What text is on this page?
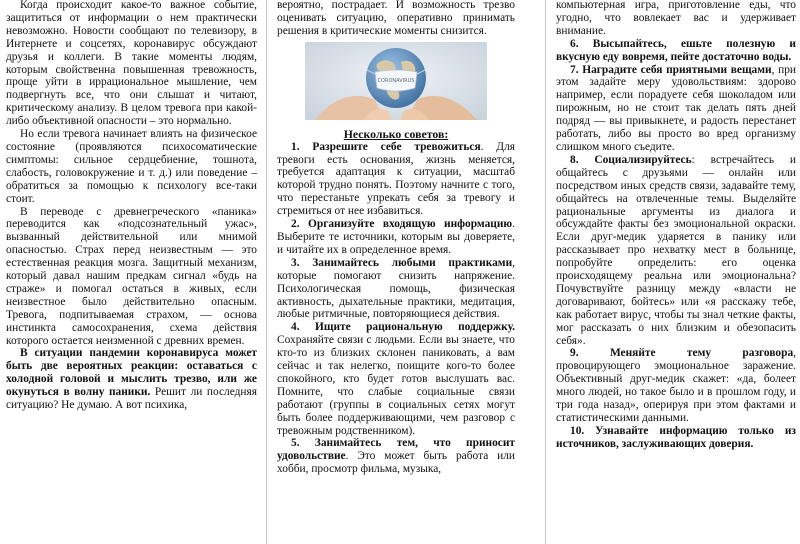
Когда происходит какое-то важное событие, защититься от информации о нем практически невозможно. Новости сообщают по телевизору, в Интернете и соцсетях, коронавирус обсуждают друзья и коллеги. В такие моменты людям, которым свойственна повышенная тревожность, проще уйти в иррациональное мышление, чем подвергнуть все, что они слышат и читают, критическому анализу. В целом тревога при какой-либо объективной опасности – это нормально.

Но если тревога начинает влиять на физическое состояние (проявляются психосоматические симптомы: сильное сердцебиение, тошнота, слабость, головокружение и т. д.) или поведение – обратиться за помощью к психологу все-таки стоит.

В переводе с древнегреческого «паника» переводится как «подсознательный ужас», вызванный действительной или мнимой опасностью. Страх перед неизвестным — это естественная реакция мозга. Защитный механизм, который давал нашим предкам сигнал «будь на страже» и помогал остаться в живых, если неизвестное было действительно опасным. Тревога, подпитываемая страхом, — основа инстинкта самосохранения, схема действия которого остается неизменной с древних времен.

В ситуации пандемии коронавируса может быть две вероятных реакции: оставаться с холодной головой и мыслить трезво, или же окунуться в волну паники. Решит ли последняя ситуацию? Не думаю. А вот психика,

вероятно, пострадает. И возможность трезво оценивать ситуацию, оперативно принимать решения в критические моменты снизится.

CORONAVIRUS

Несколько советов:

1. Разрешите себе тревожиться. Для тревоги есть основания, жизнь меняется, требуется адаптация к ситуации, масштаб которой трудно понять. Поэтому начните с того, что перестаньте упрекать себя за тревогу и стремиться от нее избавиться.

2. Организуйте входящую информацию. Выберите те источники, которым вы доверяете, и читайте их в определенное время.

3. Занимайтесь любыми практиками, которые помогают снизить напряжение. Психологическая помощь, физическая активность, дыхательные практики, медитация, любые ритмичные, повторяющиеся действия.

4. Ищите рациональную поддержку. Сохраняйте связи с людьми. Если вы знаете, что кто-то из близких склонен паниковать, а вам сейчас и так нелегко, поищите кого-то более спокойного, кто будет готов выслушать вас. Помните, что слабые социальные связи работают (группы в социальных сетях могут быть более поддерживающими, чем разговор с тревожным родственником).

5. Занимайтесь тем, что приносит удовольствие. Это может быть работа или хобби, просмотр фильма, музыка,

компьютерная игра, приготовление еды, что угодно, что вовлекает вас и удерживает внимание.

6. Высыпайтесь, ешьте полезную и вкусную еду вовремя, пейте достаточно воды.

7. Наградите себя приятными вещами, при этом задайте меру удовольствиям: здорово например, если порадуете себя шоколадом или пирожным, но не стоит так делать пять дней подряд — вы привыкнете, и радость перестанет работать, либо вы просто во вред организму слишком много съедите.

8. Социализируйтесь: встречайтесь и общайтесь с друзьями — онлайн или посредством иных средств связи, задавайте тему, общайтесь на отвлеченные темы. Выделяйте рациональные аргументы из диалога и обсуждайте факты без эмоциональной окраски. Если друг-медик ударяется в панику или рассказывает про нехватку мест в больнице, попробуйте определить: его оценка происходящему реальна или эмоциональна? Почувствуйте разницу между «власти не договаривают, бойтесь» или «я расскажу тебе, как работает вирус, чтобы ты знал четкие факты, мог рассказать о них близким и обезопасить себя».

9. Меняйте тему разговора, провоцирующего эмоциональное заражение. Объективный друг-медик скажет: «да, болеет много людей, но такое было и в прошлом году, и три года назад», оперируя при этом фактами и статистическими данными.

10. Узнавайте информацию только из источников, заслуживающих доверия.
